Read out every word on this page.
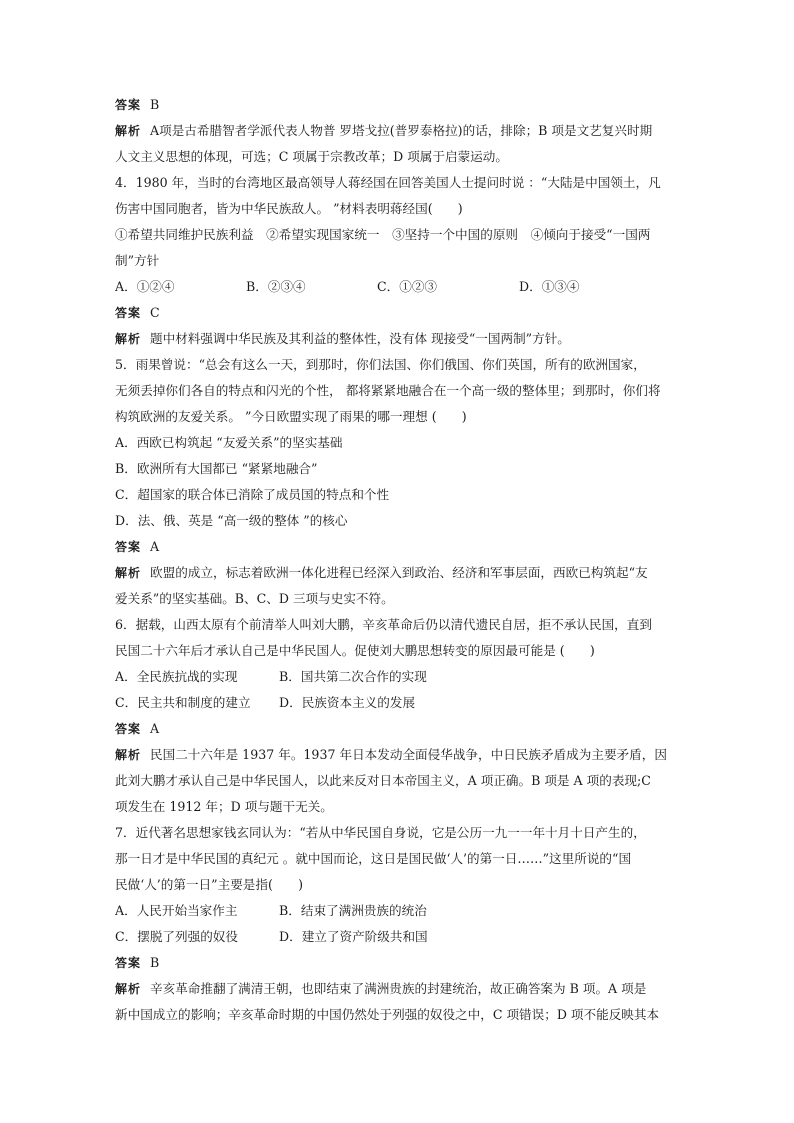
答案 B
解析 A项是古希腊智者学派代表人物普 罗塔戈拉(普罗泰格拉)的话，排除；B 项是文艺复兴时期
人文主义思想的体现，可选；C 项属于宗教改革；D 项属于启蒙运动。
4．1980 年，当时的台湾地区最高领导人蒋经国在回答美国人士提问时说 ：“大陆是中国领土，凡
伤害中国同胞者，皆为中华民族敌人。 ”材料表明蒋经国(　　)
①希望共同维护民族利益　②希望实现国家统一　③坚持一个中国的原则　④倾向于接受“一国两
制”方针
A．①②④	B．②③④	C．①②③	D．①③④
答案 C
解析 题中材料强调中华民族及其利益的整体性，没有体 现接受“一国两制”方针。
5．雨果曾说：“总会有这么一天，到那时，你们法国、你们俄国、你们英国，所有的欧洲国家，
无须丢掉你们各自的特点和闪光的个性， 都将紧紧地融合在一个高一级的整体里；到那时，你们将
构筑欧洲的友爱关系。 ”今日欧盟实现了雨果的哪一理想 (　　)
A．西欧已构筑起 “友爱关系”的坚实基础
B．欧洲所有大国都已 “紧紧地融合”
C．超国家的联合体已消除了成员国的特点和个性
D．法、俄、英是 “高一级的整体 ”的核心
答案 A
解析 欧盟的成立，标志着欧洲一体化进程已经深入到政治、经济和军事层面，西欧已构筑起“友
爱关系”的坚实基础。B、C、D 三项与史实不符。
6．据载，山西太原有个前清举人叫刘大鹏，辛亥革命后仍以清代遗民自居，拒不承认民国，直到
民国二十六年后才承认自己是中华民国人。促使刘大鹏思想转变的原因最可能是 (　　)
A．全民族抗战的实现	B．国共第二次合作的实现
C．民主共和制度的建立 D．民族资本主义的发展
答案 A
解析 民国二十六年是 1937 年。1937 年日本发动全面侵华战争，中日民族矛盾成为主要矛盾，因
此刘大鹏才承认自己是中华民国人，以此来反对日本帝国主义，A 项正确。B 项是 A 项的表现;C
项发生在 1912 年；D 项与题干无关。
7．近代著名思想家钱玄同认为：“若从中华民国自身说，它是公历一九一一年十月十日产生的，
那一日才是中华民国的真纪元 。就中国而论，这日是国民做‘人’的第一日……”这里所说的“国
民做‘人’的第一日”主要是指(　　)
A．人民开始当家作主	B．结束了满洲贵族的统治
C．摆脱了列强的奴役	D．建立了资产阶级共和国
答案 B
解析 辛亥革命推翻了满清王朝，也即结束了满洲贵族的封建统治，故正确答案为 B 项。A 项是
新中国成立的影响；辛亥革命时期的中国仍然处于列强的奴役之中，C 项错误；D 项不能反映其本
